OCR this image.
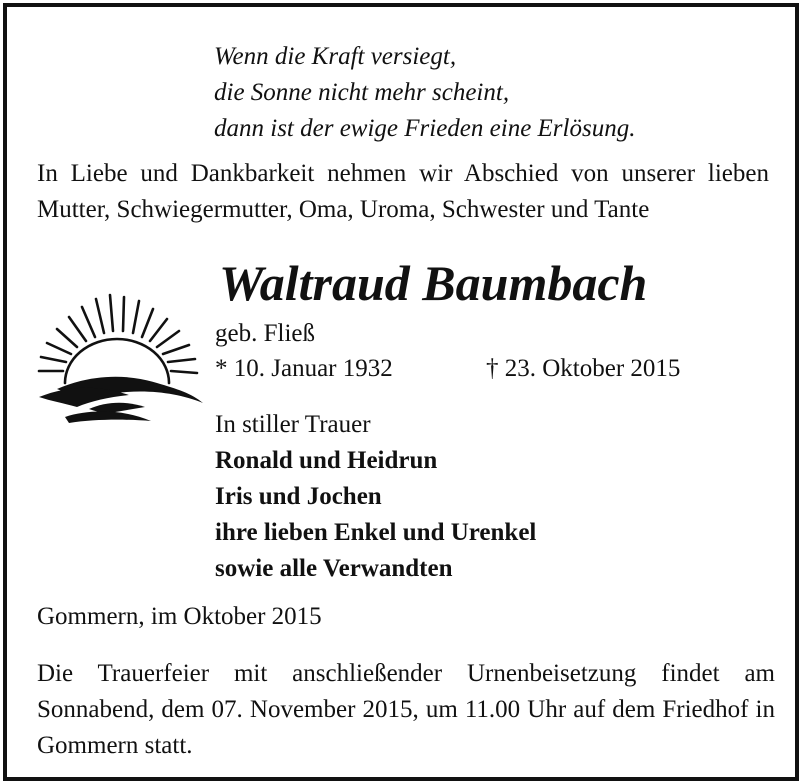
Wenn die Kraft versiegt,
die Sonne nicht mehr scheint,
dann ist der ewige Frieden eine Erlösung.
In Liebe und Dankbarkeit nehmen wir Abschied von unserer lieben Mutter, Schwiegermutter, Oma, Uroma, Schwester und Tante
Waltraud Baumbach
geb. Fließ
* 10. Januar 1932	† 23. Oktober 2015
In stiller Trauer
Ronald und Heidrun
Iris und Jochen
ihre lieben Enkel und Urenkel
sowie alle Verwandten
Gommern, im Oktober 2015
Die Trauerfeier mit anschließender Urnenbeisetzung findet am Sonnabend, dem 07. November 2015, um 11.00 Uhr auf dem Friedhof in Gommern statt.
